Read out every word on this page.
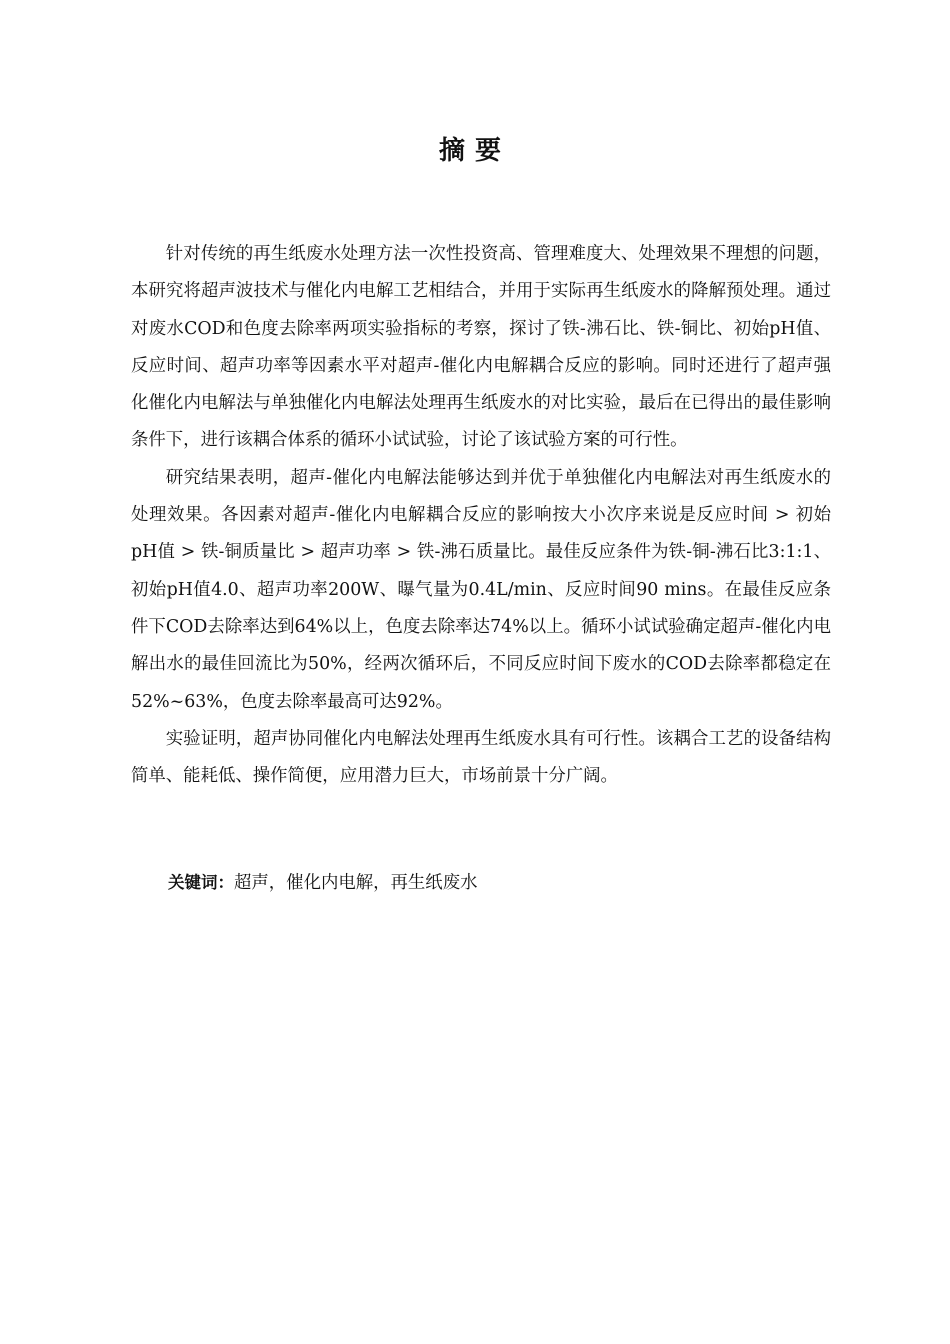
摘要

针对传统的再生纸废水处理方法一次性投资高、管理难度大、处理效果不理想的问题，本研究将超声波技术与催化内电解工艺相结合，并用于实际再生纸废水的降解预处理。通过对废水COD和色度去除率两项实验指标的考察，探讨了铁-沸石比、铁-铜比、初始pH值、反应时间、超声功率等因素水平对超声-催化内电解耦合反应的影响。同时还进行了超声强化催化内电解法与单独催化内电解法处理再生纸废水的对比实验，最后在已得出的最佳影响条件下，进行该耦合体系的循环小试试验，讨论了该试验方案的可行性。

研究结果表明，超声-催化内电解法能够达到并优于单独催化内电解法对再生纸废水的处理效果。各因素对超声-催化内电解耦合反应的影响按大小次序来说是反应时间 > 初始pH值 > 铁-铜质量比 > 超声功率 > 铁-沸石质量比。最佳反应条件为铁-铜-沸石比3:1:1、初始pH值4.0、超声功率200W、曝气量为0.4L/min、反应时间90 mins。在最佳反应条件下COD去除率达到64%以上，色度去除率达74%以上。循环小试试验确定超声-催化内电解出水的最佳回流比为50%，经两次循环后，不同反应时间下废水的COD去除率都稳定在52%~63%，色度去除率最高可达92%。

实验证明，超声协同催化内电解法处理再生纸废水具有可行性。该耦合工艺的设备结构简单、能耗低、操作简便，应用潜力巨大，市场前景十分广阔。

关键词：超声，催化内电解，再生纸废水
